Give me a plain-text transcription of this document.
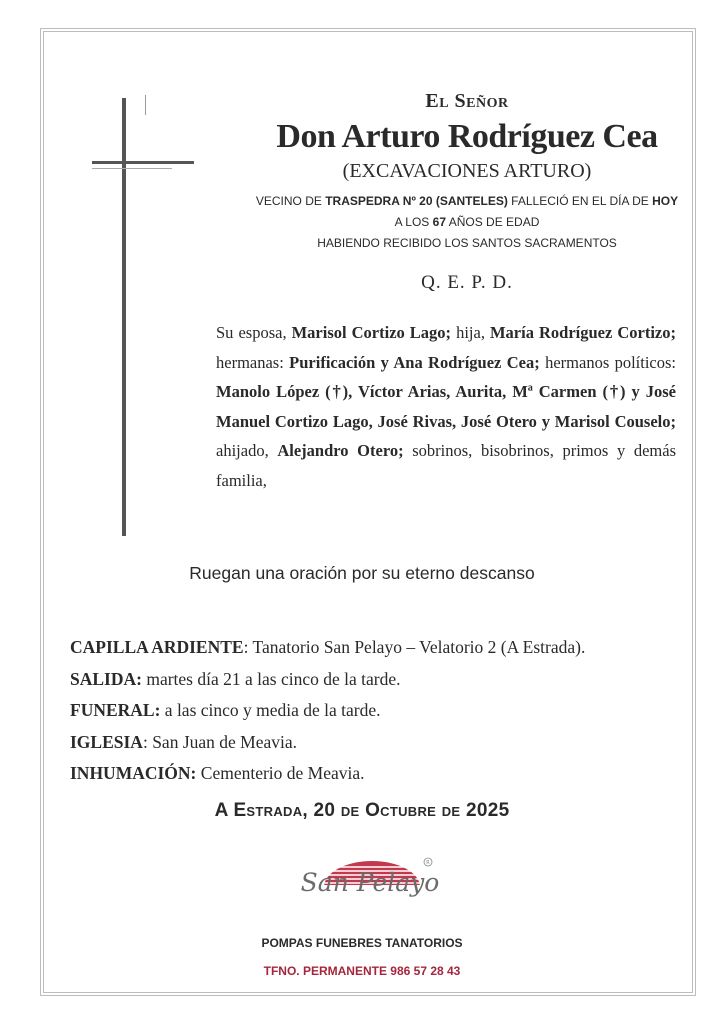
El Señor
Don Arturo Rodríguez Cea
(EXCAVACIONES ARTURO)
VECINO DE TRASPEDRA Nº 20 (SANTELES) FALLECIÓ EN EL DÍA DE HOY
A LOS 67 AÑOS DE EDAD
HABIENDO RECIBIDO LOS SANTOS SACRAMENTOS
Q. E. P. D.
Su esposa, Marisol Cortizo Lago; hija, María Rodríguez Cortizo; hermanas: Purificación y Ana Rodríguez Cea; hermanos políticos: Manolo López (†), Víctor Arias, Aurita, Mª Carmen (†) y José Manuel Cortizo Lago, José Rivas, José Otero y Marisol Couselo; ahijado, Alejandro Otero; sobrinos, bisobrinos, primos y demás familia,
Ruegan una oración por su eterno descanso
CAPILLA ARDIENTE: Tanatorio San Pelayo – Velatorio 2 (A Estrada).
SALIDA: martes día 21 a las cinco de la tarde.
FUNERAL: a las cinco y media de la tarde.
IGLESIA: San Juan de Meavia.
INHUMACIÓN: Cementerio de Meavia.
A Estrada, 20 de Octubre de 2025
R
San Pelayo
POMPAS FUNEBRES TANATORIOS
TFNO. PERMANENTE 986 57 28 43
